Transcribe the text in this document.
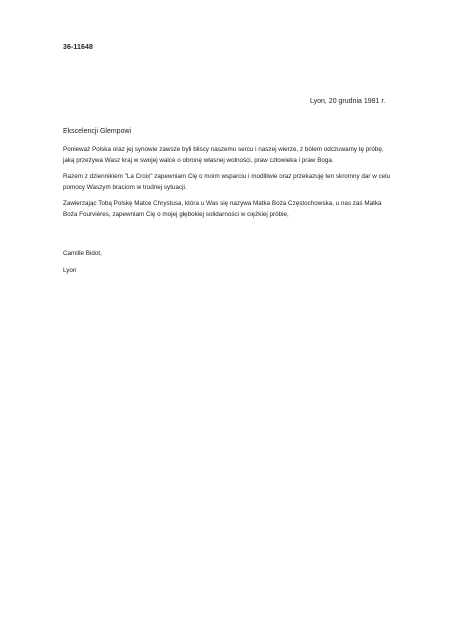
36-11648
Lyon, 20 grudnia 1981 r.
Ekscelencji Glempowi

Poniewaź Polska oraz jej synowie zawsze byli bliscy naszemu sercu i naszej wierze, z bólem odczuwamy tę próbę, jaką przeżywa Wasz kraj w swojej walce o obronę własnej wolności, praw człowieka i praw Boga.

Razem z dziennikiem "La Croix" zapewniam Cię o moim wsparciu i modlitwie oraz przekazuję ten skromny dar w celu pomocy Waszym braciom w trudnej sytuacji.

Zawierzając Tobą Polskę Matce Chrystusa, która u Was się nazywa Matka Boża Częstochowska, u nas zaś Matka Boża Fourvières, zapewniam Cię o mojej głębokiej solidarności w ciężkiej próbie,

Camille Bidot,
Lyon
